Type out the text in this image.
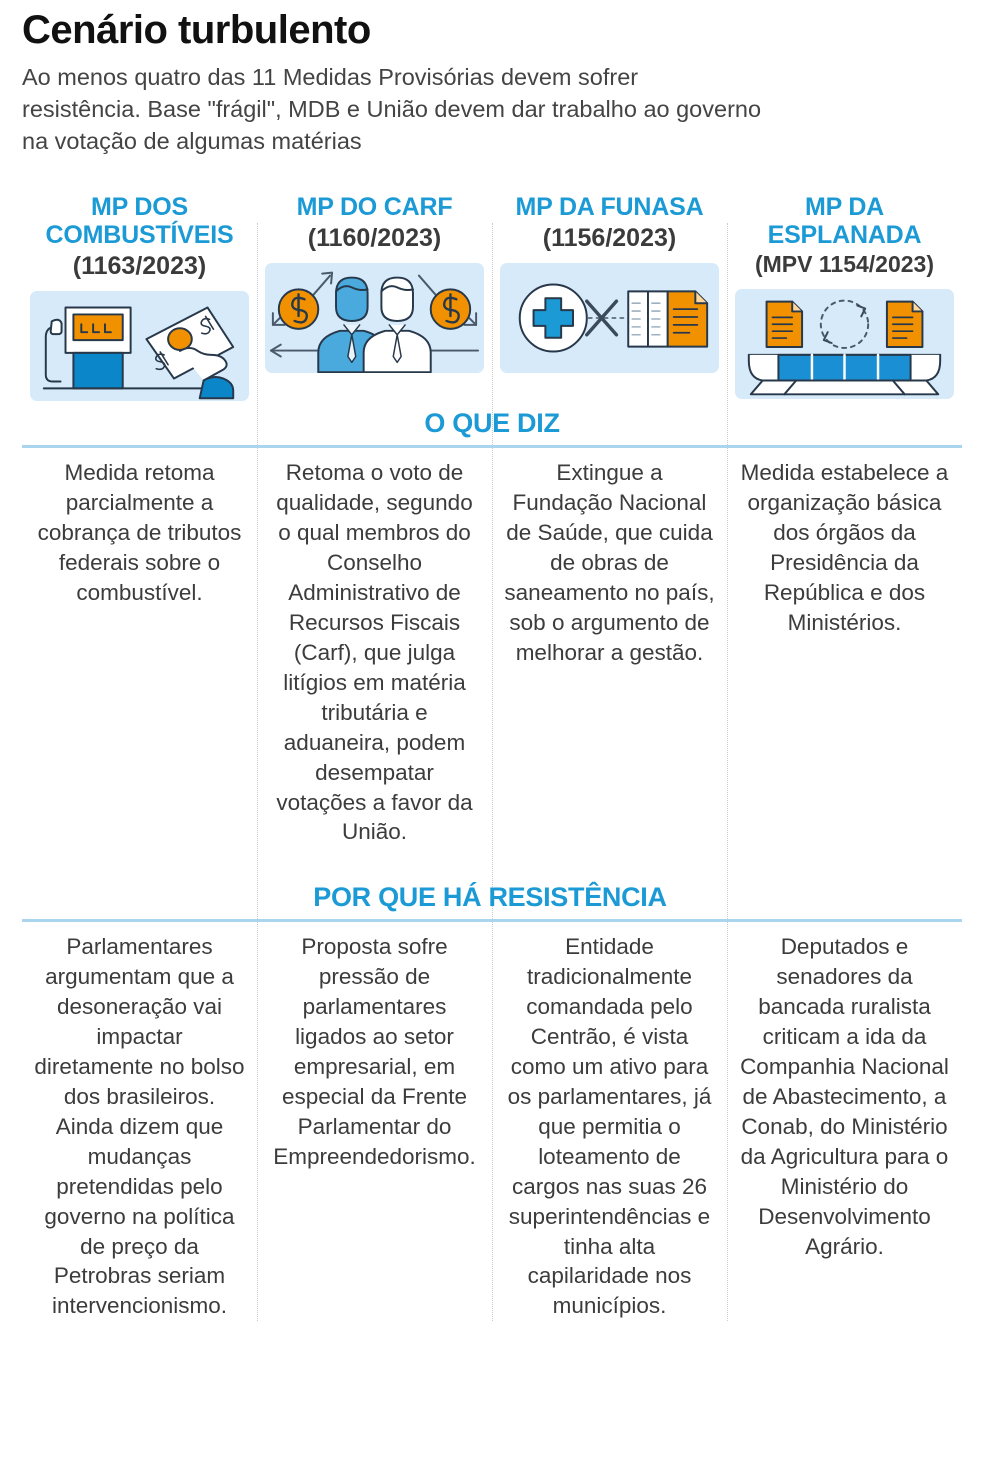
Cenário turbulento

Ao menos quatro das 11 Medidas Provisórias devem sofrer resistência. Base "frágil", MDB e União devem dar trabalho ao governo na votação de algumas matérias

MP DOS COMBUSTÍVEIS
(1163/2023)
MP DO CARF
(1160/2023)
MP DA FUNASA
(1156/2023)
MP DA ESPLANADA
(MPV 1154/2023)
O QUE DIZ
Medida retoma parcialmente a cobrança de tributos federais sobre o combustível.
Retoma o voto de qualidade, segundo o qual membros do Conselho Administrativo de Recursos Fiscais (Carf), que julga litígios em matéria tributária e aduaneira, podem desempatar votações a favor da União.
Extingue a Fundação Nacional de Saúde, que cuida de obras de saneamento no país, sob o argumento de melhorar a gestão.
Medida estabelece a organização básica dos órgãos da Presidência da República e dos Ministérios.
POR QUE HÁ RESISTÊNCIA
Parlamentares argumentam que a desoneração vai impactar diretamente no bolso dos brasileiros. Ainda dizem que mudanças pretendidas pelo governo na política de preço da Petrobras seriam intervencionismo.
Proposta sofre pressão de parlamentares ligados ao setor empresarial, em especial da Frente Parlamentar do Empreendedorismo.
Entidade tradicionalmente comandada pelo Centrão, é vista como um ativo para os parlamentares, já que permitia o loteamento de cargos nas suas 26 superintendências e tinha alta capilaridade nos municípios.
Deputados e senadores da bancada ruralista criticam a ida da Companhia Nacional de Abastecimento, a Conab, do Ministério da Agricultura para o Ministério do Desenvolvimento Agrário.
